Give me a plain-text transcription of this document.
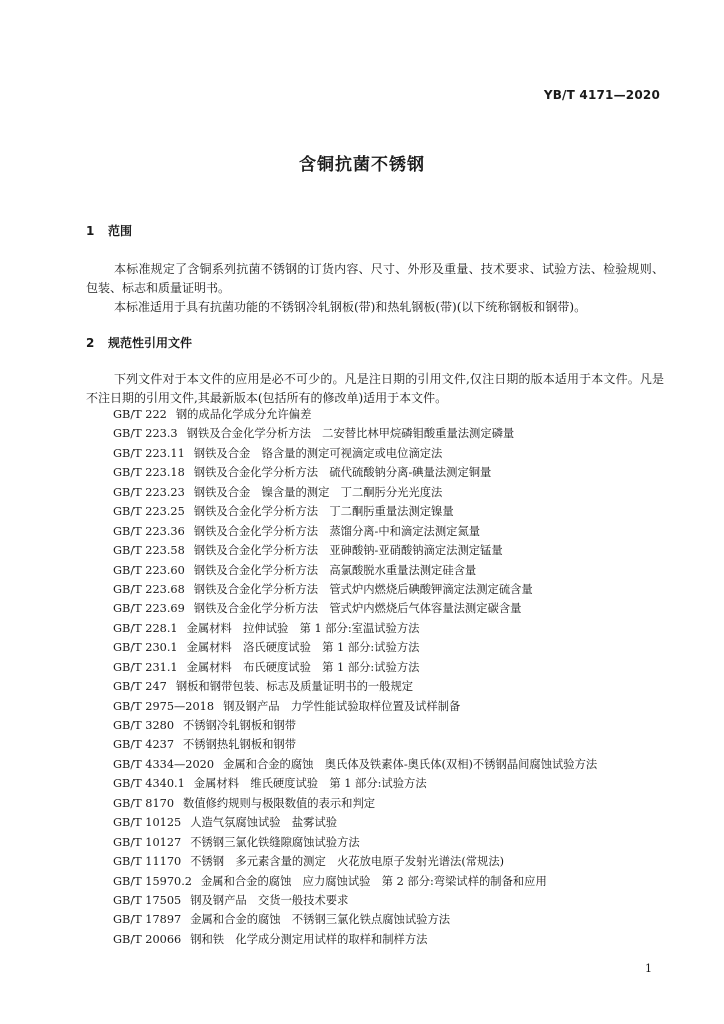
YB/T 4171—2020
含铜抗菌不锈钢
1 范围
本标准规定了含铜系列抗菌不锈钢的订货内容、尺寸、外形及重量、技术要求、试验方法、检验规则、包装、标志和质量证明书。
本标准适用于具有抗菌功能的不锈钢冷轧钢板(带)和热轧钢板(带)(以下统称钢板和钢带)。
2 规范性引用文件
下列文件对于本文件的应用是必不可少的。凡是注日期的引用文件,仅注日期的版本适用于本文件。凡是不注日期的引用文件,其最新版本(包括所有的修改单)适用于本文件。
GB/T 222 钢的成品化学成分允许偏差
GB/T 223.3 钢铁及合金化学分析方法　二安替比林甲烷磷钼酸重量法测定磷量
GB/T 223.11 钢铁及合金　铬含量的测定可视滴定或电位滴定法
GB/T 223.18 钢铁及合金化学分析方法　硫代硫酸钠分离-碘量法测定铜量
GB/T 223.23 钢铁及合金　镍含量的测定　丁二酮肟分光光度法
GB/T 223.25 钢铁及合金化学分析方法　丁二酮肟重量法测定镍量
GB/T 223.36 钢铁及合金化学分析方法　蒸馏分离-中和滴定法测定氮量
GB/T 223.58 钢铁及合金化学分析方法　亚砷酸钠-亚硝酸钠滴定法测定锰量
GB/T 223.60 钢铁及合金化学分析方法　高氯酸脱水重量法测定硅含量
GB/T 223.68 钢铁及合金化学分析方法　管式炉内燃烧后碘酸钾滴定法测定硫含量
GB/T 223.69 钢铁及合金化学分析方法　管式炉内燃烧后气体容量法测定碳含量
GB/T 228.1 金属材料　拉伸试验　第 1 部分:室温试验方法
GB/T 230.1 金属材料　洛氏硬度试验　第 1 部分:试验方法
GB/T 231.1 金属材料　布氏硬度试验　第 1 部分:试验方法
GB/T 247 钢板和钢带包装、标志及质量证明书的一般规定
GB/T 2975—2018 钢及钢产品　力学性能试验取样位置及试样制备
GB/T 3280 不锈钢冷轧钢板和钢带
GB/T 4237 不锈钢热轧钢板和钢带
GB/T 4334—2020 金属和合金的腐蚀　奥氏体及铁素体-奥氏体(双相)不锈钢晶间腐蚀试验方法
GB/T 4340.1 金属材料　维氏硬度试验　第 1 部分:试验方法
GB/T 8170 数值修约规则与极限数值的表示和判定
GB/T 10125 人造气氛腐蚀试验　盐雾试验
GB/T 10127 不锈钢三氯化铁缝隙腐蚀试验方法
GB/T 11170 不锈钢　多元素含量的测定　火花放电原子发射光谱法(常规法)
GB/T 15970.2 金属和合金的腐蚀　应力腐蚀试验　第 2 部分:弯梁试样的制备和应用
GB/T 17505 钢及钢产品　交货一般技术要求
GB/T 17897 金属和合金的腐蚀　不锈钢三氯化铁点腐蚀试验方法
GB/T 20066 钢和铁　化学成分测定用试样的取样和制样方法
1
